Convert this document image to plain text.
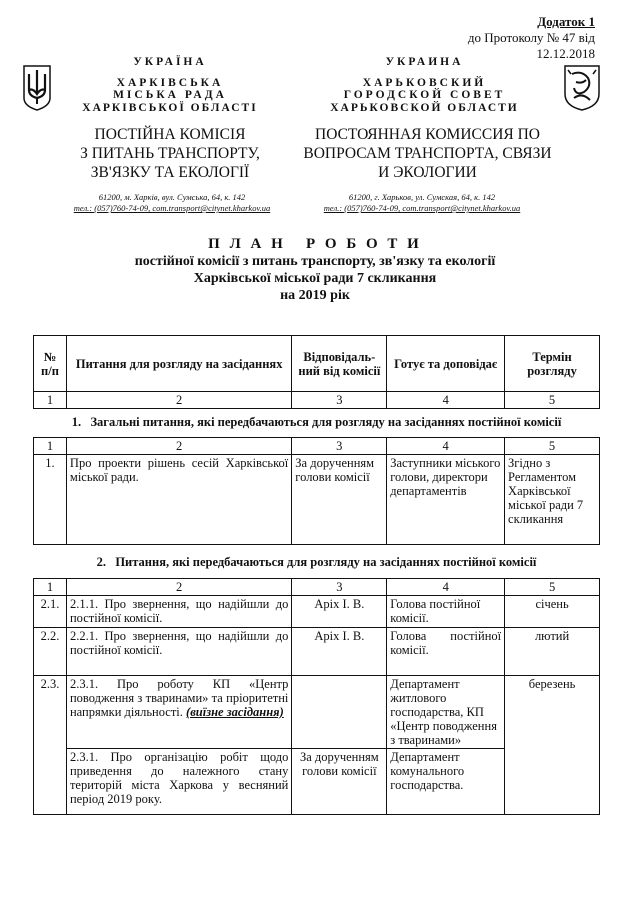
Додаток 1
до Протоколу № 47 від 12.12.2018
УКРАЇНА
ХАРКІВСЬКА
МІСЬКА РАДА
ХАРКІВСЬКОЇ ОБЛАСТІ
ПОСТІЙНА КОМІСІЯ
З ПИТАНЬ ТРАНСПОРТУ,
ЗВ'ЯЗКУ ТА ЕКОЛОГІЇ
61200, м. Харків, вул. Сумська, 64, к. 142
тел.: (057)760-74-09, com.transport@citynet.kharkov.ua
УКРАИНА
ХАРЬКОВСКИЙ
ГОРОДСКОЙ СОВЕТ
ХАРЬКОВСКОЙ ОБЛАСТИ
ПОСТОЯННАЯ КОМИССИЯ ПО
ВОПРОСАМ ТРАНСПОРТА, СВЯЗИ
И ЭКОЛОГИИ
61200, г. Харьков, ул. Сумская, 64, к. 142
тел.: (057)760-74-09, com.transport@citynet.kharkov.ua
П Л А Н   Р О Б О Т И
постійної комісії з питань транспорту, зв'язку та екології
Харківської міської ради 7 скликання
на 2019 рік
№ п/п	Питання для розгляду на засіданнях	Відповідаль-ний від комісії	Готує та доповідає	Термін розгляду
1	2	3	4	5
1.   Загальні питання, які передбачаються для розгляду на засіданнях постійної комісії
1	2	3	4	5
1.	Про проекти рішень сесій Харківської міської ради.	За дорученням голови комісії	Заступники міського голови, директори департаментів	Згідно з Регламентом Харківської міської ради 7 скликання
2.   Питання, які передбачаються для розгляду на засіданнях постійної комісії
1	2	3	4	5
2.1.	2.1.1. Про звернення, що надійшли до постійної комісії.	Аріх І. В.	Голова постійної комісії.	січень
2.2.	2.2.1. Про звернення, що надійшли до постійної комісії.	Аріх І. В.	Голова постійної комісії.	лютий
2.3.	2.3.1. Про роботу КП «Центр поводження з тваринами» та пріоритетні напрямки діяльності. (виїзне засідання)		Департамент житлового господарства, КП «Центр поводження з тваринами»	березень
	2.3.1. Про організацію робіт щодо приведення до належного стану територій міста Харкова у весняний період 2019 року.	За дорученням голови комісії	Департамент комунального господарства.	
